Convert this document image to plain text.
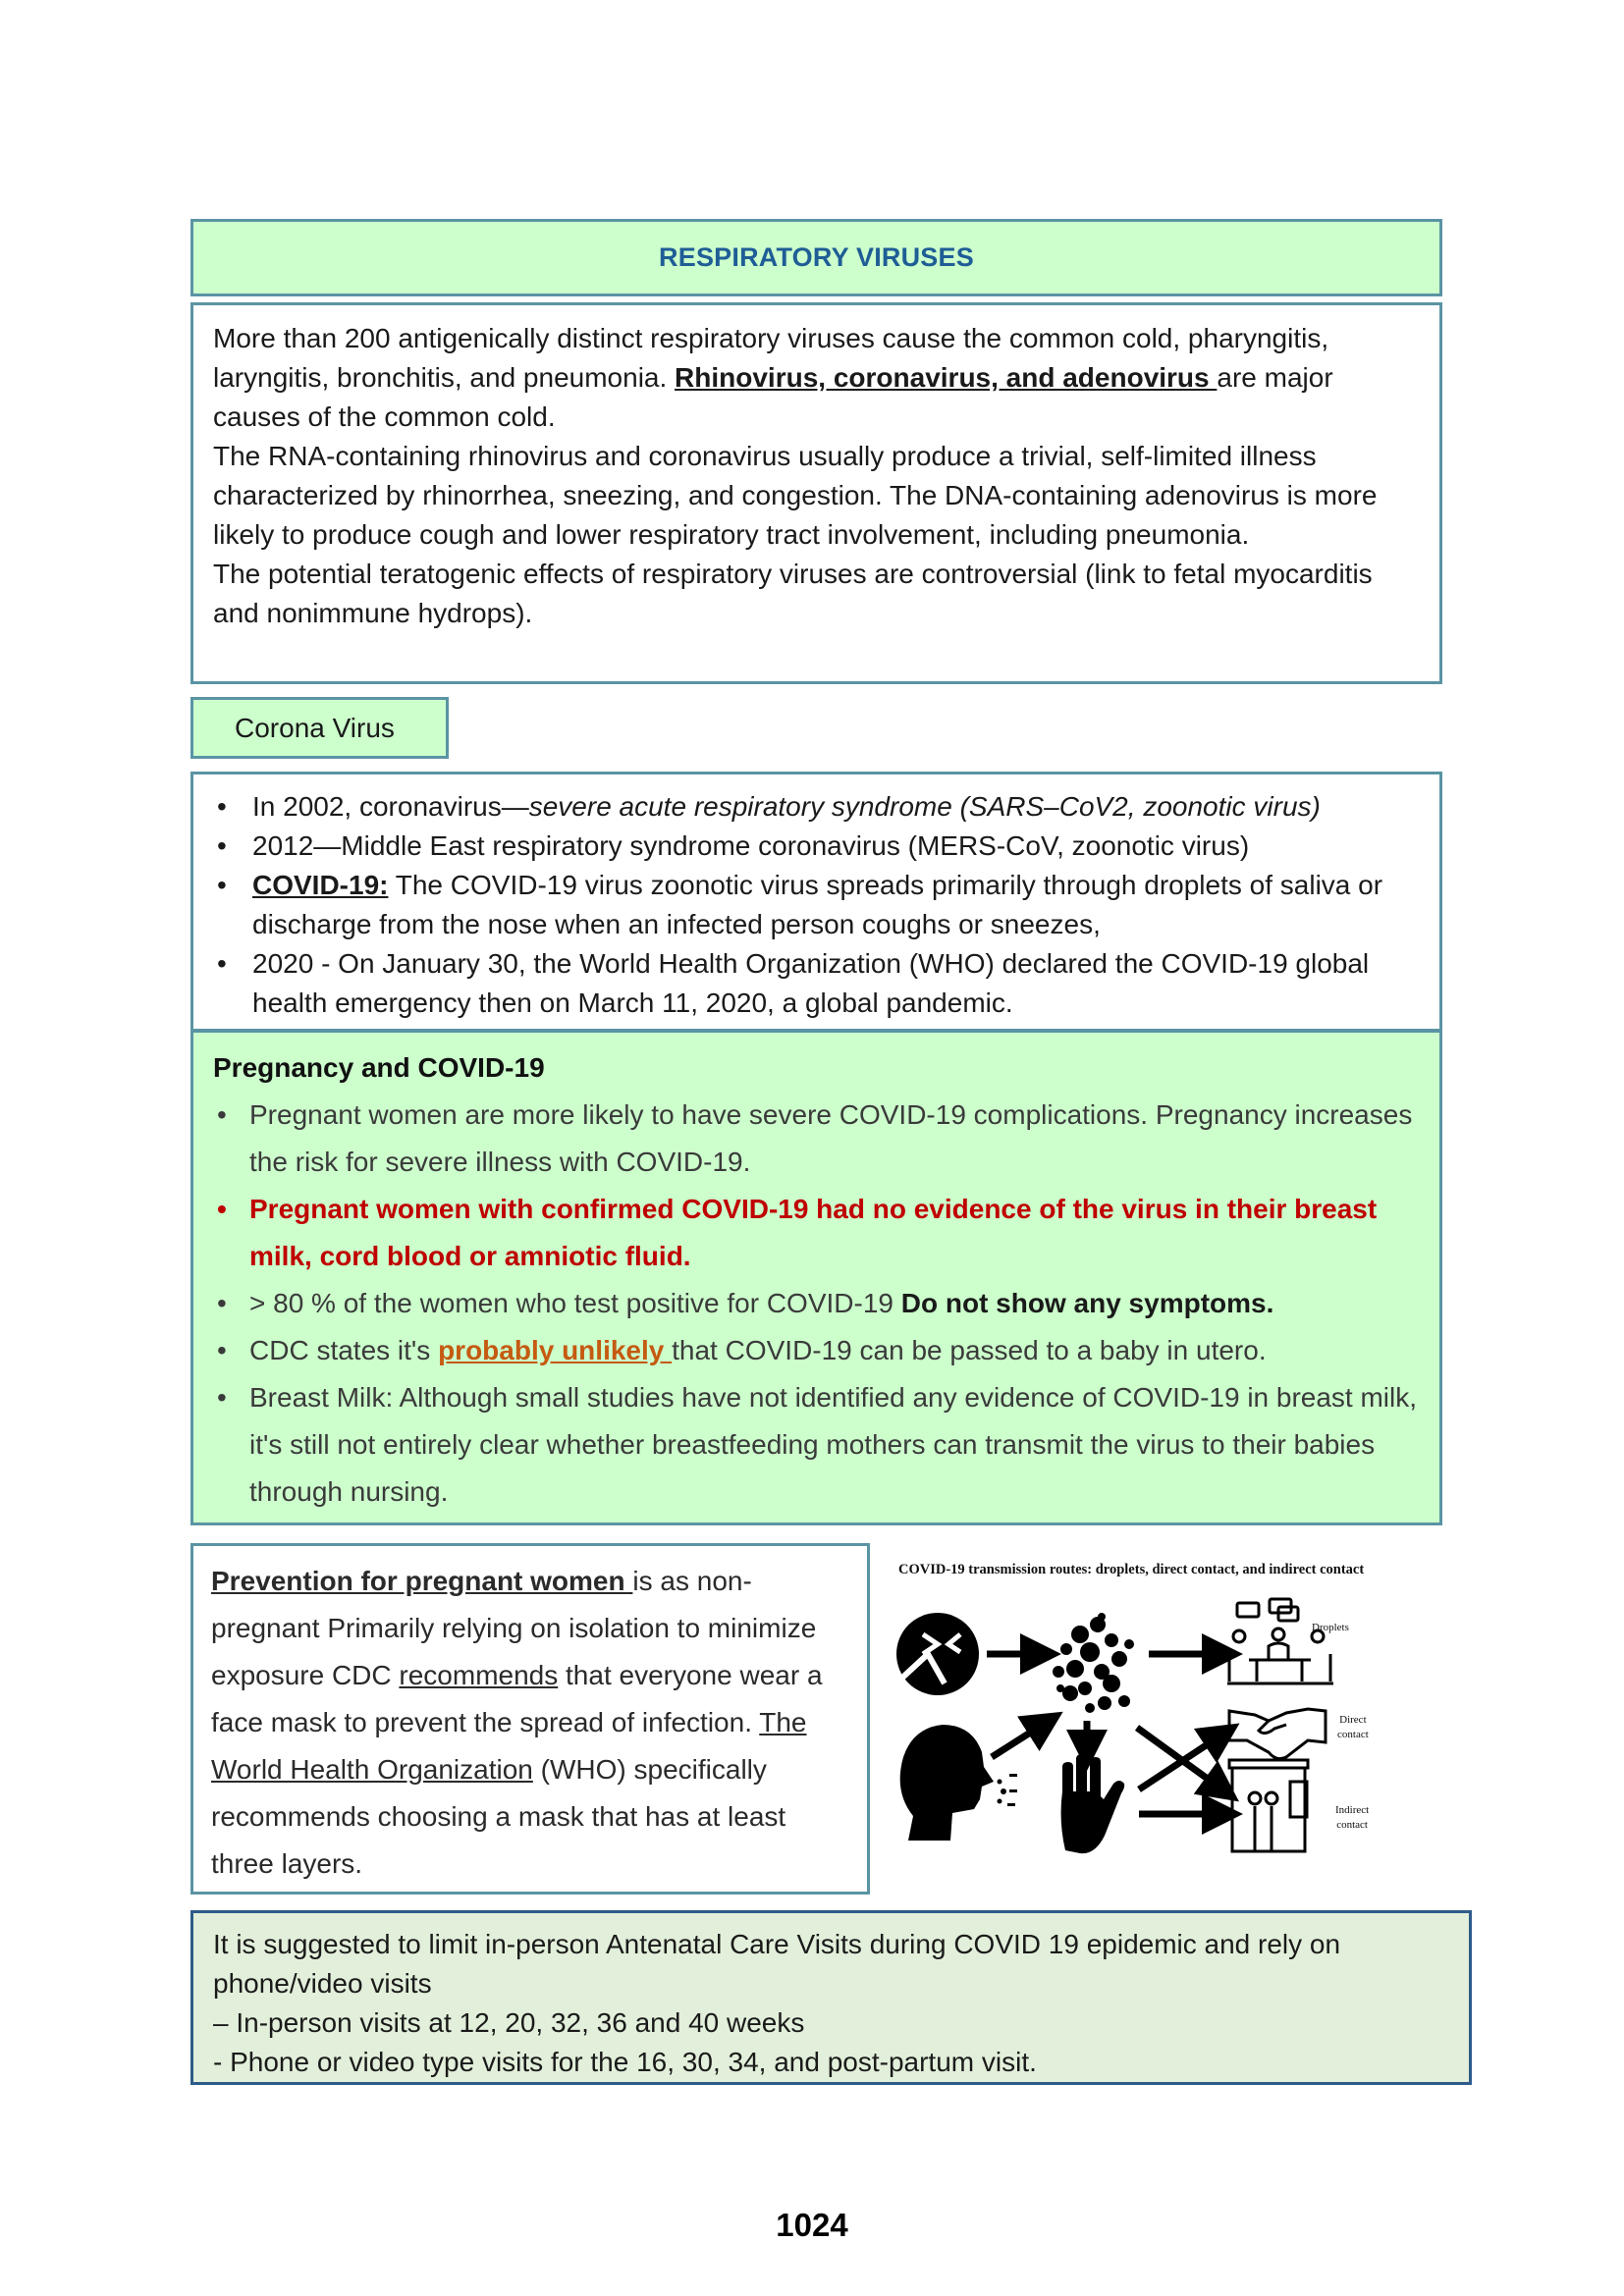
RESPIRATORY VIRUSES
More than 200 antigenically distinct respiratory viruses cause the common cold, pharyngitis, laryngitis, bronchitis, and pneumonia. Rhinovirus, coronavirus, and adenovirus are major causes of the common cold.
The RNA-containing rhinovirus and coronavirus usually produce a trivial, self-limited illness characterized by rhinorrhea, sneezing, and congestion. The DNA-containing adenovirus is more likely to produce cough and lower respiratory tract involvement, including pneumonia.
The potential teratogenic effects of respiratory viruses are controversial (link to fetal myocarditis and nonimmune hydrops).
Corona Virus
• In 2002, coronavirus—severe acute respiratory syndrome (SARS–CoV2, zoonotic virus)
• 2012—Middle East respiratory syndrome coronavirus (MERS-CoV, zoonotic virus)
• COVID-19: The COVID-19 virus zoonotic virus spreads primarily through droplets of saliva or discharge from the nose when an infected person coughs or sneezes,
• 2020 - On January 30, the World Health Organization (WHO) declared the COVID-19 global health emergency then on March 11, 2020, a global pandemic.
Pregnancy and COVID-19
• Pregnant women are more likely to have severe COVID-19 complications. Pregnancy increases the risk for severe illness with COVID-19.
• Pregnant women with confirmed COVID-19 had no evidence of the virus in their breast milk, cord blood or amniotic fluid.
• > 80 % of the women who test positive for COVID-19 Do not show any symptoms.
• CDC states it's probably unlikely that COVID-19 can be passed to a baby in utero.
• Breast Milk: Although small studies have not identified any evidence of COVID-19 in breast milk, it's still not entirely clear whether breastfeeding mothers can transmit the virus to their babies through nursing.
Prevention for pregnant women is as non-pregnant Primarily relying on isolation to minimize exposure CDC recommends that everyone wear a face mask to prevent the spread of infection. The World Health Organization (WHO) specifically recommends choosing a mask that has at least three layers.
COVID-19 transmission routes: droplets, direct contact, and indirect contact
Droplets
Direct
contact
Indirect
contact
It is suggested to limit in-person Antenatal Care Visits during COVID 19 epidemic and rely on phone/video visits
– In-person visits at 12, 20, 32, 36 and 40 weeks
- Phone or video type visits for the 16, 30, 34, and post-partum visit.
1024
